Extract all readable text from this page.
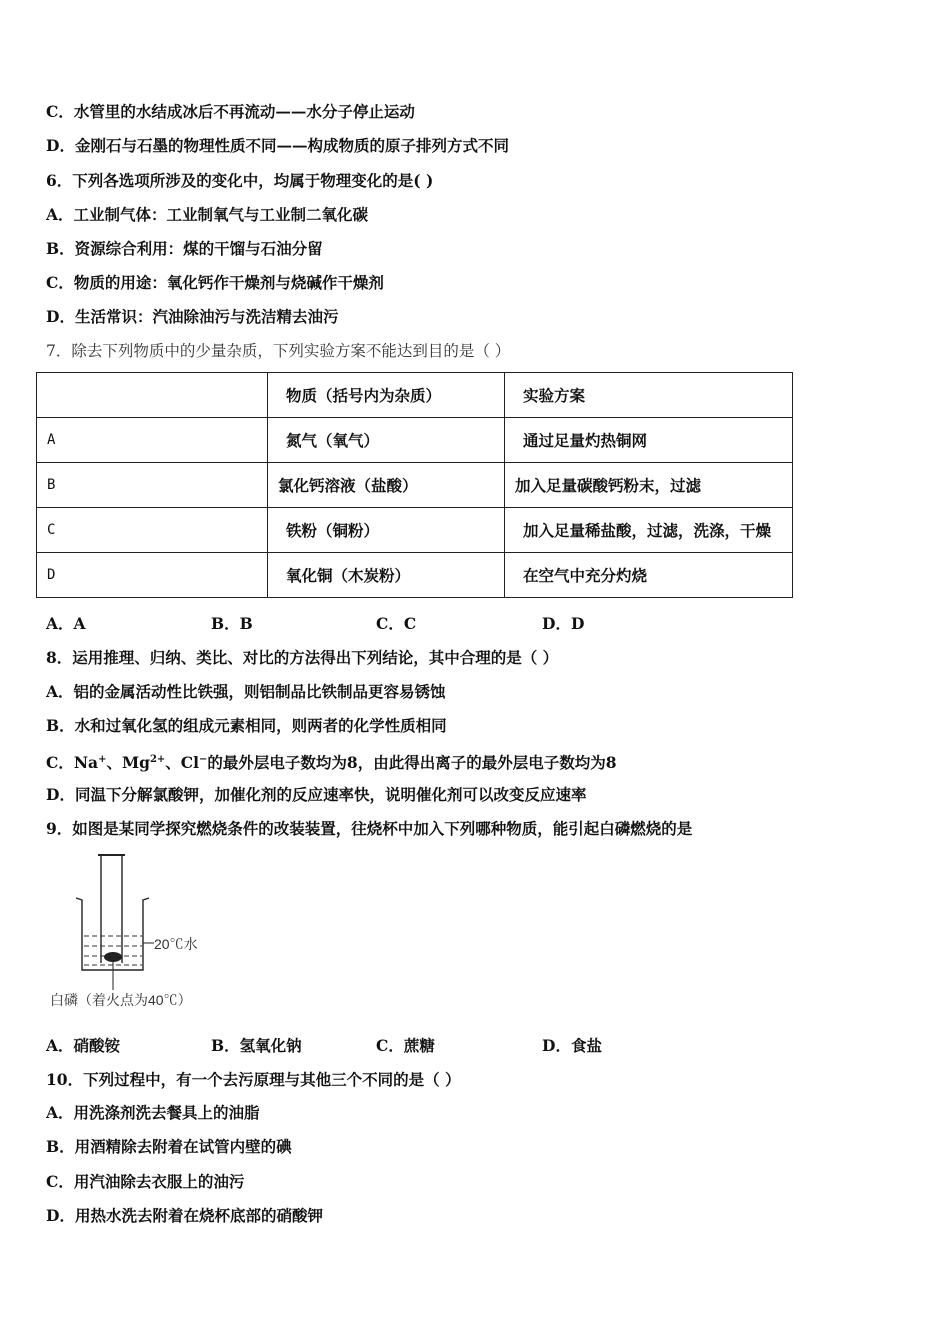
C．水管里的水结成冰后不再流动——水分子停止运动
D．金刚石与石墨的物理性质不同——构成物质的原子排列方式不同
6．下列各选项所涉及的变化中，均属于物理变化的是( )
A．工业制气体：工业制氧气与工业制二氧化碳
B．资源综合利用：煤的干馏与石油分留
C．物质的用途：氧化钙作干燥剂与烧碱作干燥剂
D．生活常识：汽油除油污与洗洁精去油污
7．除去下列物质中的少量杂质，下列实验方案不能达到目的是（ ）
	物质（括号内为杂质）	实验方案
A	氮气（氧气）	通过足量灼热铜网
B	氯化钙溶液（盐酸）	加入足量碳酸钙粉末，过滤
C	铁粉（铜粉）	加入足量稀盐酸，过滤，洗涤，干燥
D	氧化铜（木炭粉）	在空气中充分灼烧
A．A	B．B	C．C	D．D
8．运用推理、归纳、类比、对比的方法得出下列结论，其中合理的是（ ）
A．铝的金属活动性比铁强，则铝制品比铁制品更容易锈蚀
B．水和过氧化氢的组成元素相同，则两者的化学性质相同
C．Na+、$Mg^{2+}$、Cl−的最外层电子数均为8，由此得出离子的最外层电子数均为8
D．同温下分解氯酸钾，加催化剂的反应速率快，说明催化剂可以改变反应速率
9．如图是某同学探究燃烧条件的改装装置，往烧杯中加入下列哪种物质，能引起白磷燃烧的是
20℃水
白磷（着火点为40℃）
A．硝酸铵	B．氢氧化钠	C．蔗糖	D．食盐
10．下列过程中，有一个去污原理与其他三个不同的是（ ）
A．用洗涤剂洗去餐具上的油脂
B．用酒精除去附着在试管内壁的碘
C．用汽油除去衣服上的油污
D．用热水洗去附着在烧杯底部的硝酸钾
